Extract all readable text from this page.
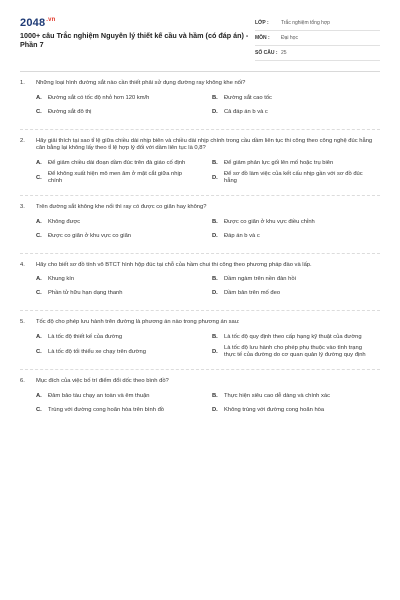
$2048^{.vn}$
1000+ câu Trắc nghiệm Nguyên lý thiết kế cầu và hầm (có đáp án) - Phần 7
LỚP :	Trắc nghiệm tổng hợp
MÔN :	Đại học
SỐ CÂU : 25
1.	Những loại hình đường sắt nào cần thiết phải sử dụng đường ray không khe nối?
A.	Đường sắt có tốc độ nhỏ hơn 120 km/h	B.	Đường sắt cao tốc
C.	Đường sắt đô thị	D.	Cả đáp án b và c
2.	Hãy giải thích tại sao tỉ lệ giữa chiều dài nhịp biên và chiều dài nhịp chính trong cầu dầm liên tục thi công theo công nghệ đúc hẫng cân bằng lại không lấy theo tỉ lệ hợp lý đối với dầm liên tục là 0,8?
A.	Để giảm chiều dài đoạn dầm đúc trên đà giáo cố định	B.	Để giảm phản lực gối lên mố hoặc trụ biên
C.
Để không xuất hiện mô men âm ở mặt cắt giữa nhịp chính
D.
Để sơ đồ làm việc của kết cấu nhịp gần với sơ đồ đúc hẫng
3.	Trên đường sắt không khe nối thì ray có được co giãn hay không?
A.	Không được	B.	Được co giãn ở khu vực điều chỉnh
C.	Được co giãn ở khu vực co giãn	D.	Đáp án b và c
4.	Hãy cho biết sơ đồ tính võ BTCT hình hộp đúc tại chỗ của hầm chui thi công theo phương pháp đào và lấp.
A.	Khung kín	B.	Dầm ngàm trên nền đàn hồi
C.	Phần tử hữu hạn dạng thanh	D.	Dầm bản trên mố đeo
5.	Tốc độ cho phép lưu hành trên đường là phương án nào trong phương án sau:
A.	Là tốc độ thiết kế của đường	B.	Là tốc độ quy định theo cấp hạng kỹ thuật của đường
C.	Là tốc độ tối thiểu xe chạy trên đường	D.
Là tốc độ lưu hành cho phép phụ thuộc vào tình trạng thực tế của đường do cơ quan quản lý đường quy định
6.	Mục đích của việc bố trí điểm đổi dốc theo bình đồ?
A.	Đảm bảo tàu chạy an toàn và êm thuận	B.	Thực hiện siêu cao dễ dàng và chính xác
C.	Trùng với đường cong hoãn hòa trên bình đồ	D.	Không trùng với đường cong hoãn hòa
